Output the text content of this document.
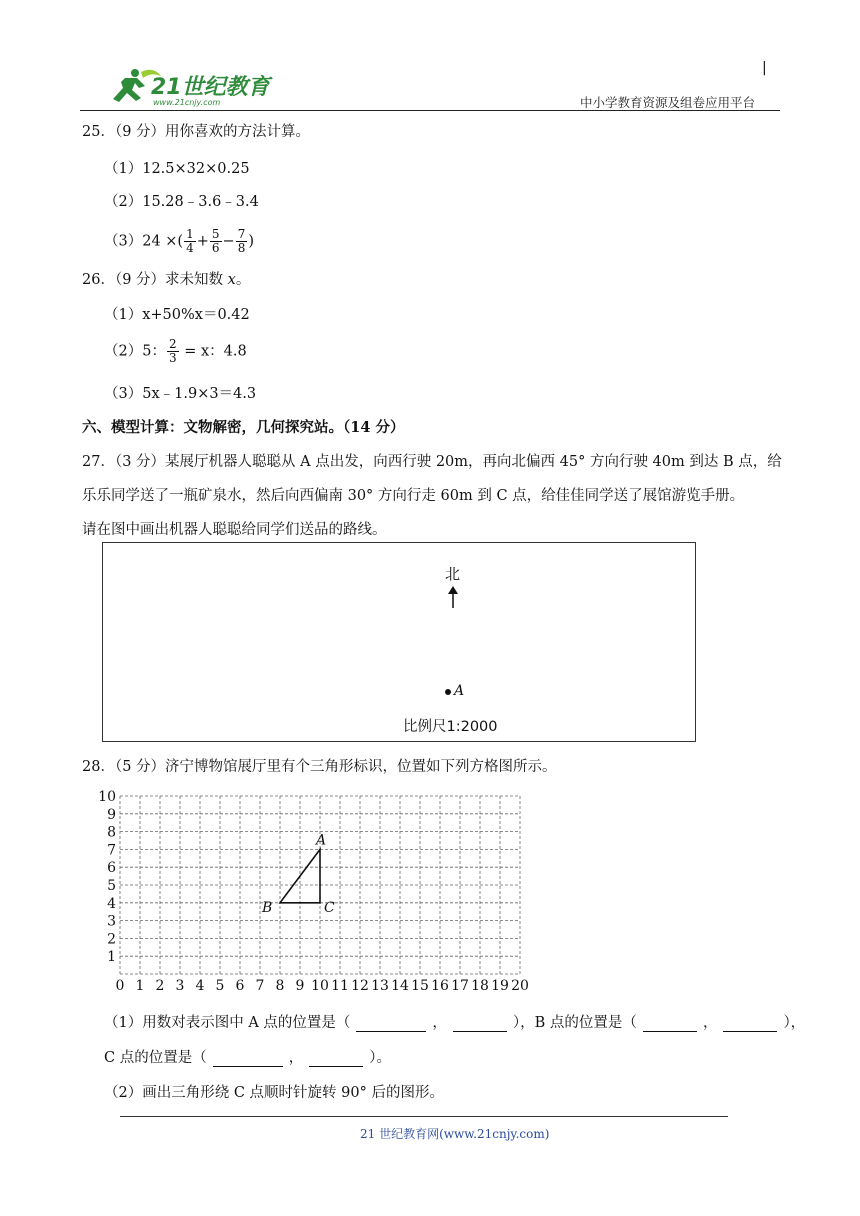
21世纪教育
www.21cnjy.com
|
中小学教育资源及组卷应用平台
25．（9 分）用你喜欢的方法计算。
（1）12.5×32×0.25
（2）15.28﹣3.6﹣3.4
（3）24 ×( $\frac{1}{4} + \frac{5}{6} - \frac{7}{8}$ )
26．（9 分）求未知数 x。
（1）x+50%x＝0.42
（2）5： $\frac{2}{3} = x$：4.8
（3）5x﹣1.9×3＝4.3
六、模型计算：文物解密，几何探究站。（14 分）
27．（3 分）某展厅机器人聪聪从 A 点出发，向西行驶 20m，再向北偏西 45° 方向行驶 40m 到达 B 点，给
乐乐同学送了一瓶矿泉水，然后向西偏南 30° 方向行走 60m 到 C 点，给佳佳同学送了展馆游览手册。
请在图中画出机器人聪聪给同学们送品的路线。
北
A
比例尺1:2000
28．（5 分）济宁博物馆展厅里有个三角形标识，位置如下列方格图所示。
0 1 2 3 4 5 6 7 8 9 10 11 12 13 14 15 16 17 18 19 20
1
2
3
4
5
6
7
8
9
10
A
B	C
（1）用数对表示图中 A 点的位置是（	，	），B 点的位置是（	，	），
C 点的位置是（	，	）。
（2）画出三角形绕 C 点顺时针旋转 90° 后的图形。
21 世纪教育网(www.21cnjy.com)
